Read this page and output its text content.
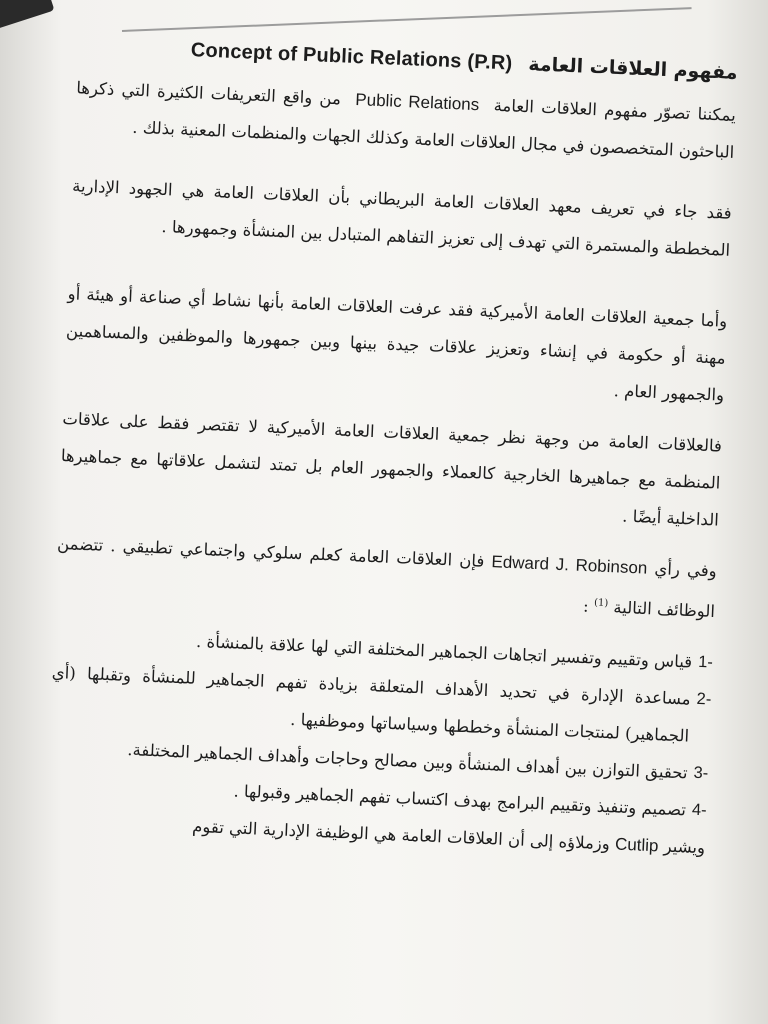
Concept of Public Relations (P.R) مفهوم العلاقات العامة

يمكننا تصوّر مفهوم العلاقات العامة  Public Relations  من واقع التعريفات الكثيرة التي ذكرها الباحثون المتخصصون في مجال العلاقات العامة وكذلك الجهات والمنظمات المعنية بذلك .

فقد جاء في تعريف معهد العلاقات العامة البريطاني بأن العلاقات العامة هي الجهود الإدارية المخططة والمستمرة التي تهدف إلى تعزيز التفاهم المتبادل بين المنشأة وجمهورها .

وأما جمعية العلاقات العامة الأميركية فقد عرفت العلاقات العامة بأنها نشاط أي صناعة أو هيئة أو مهنة أو حكومة في إنشاء وتعزيز علاقات جيدة بينها وبين جمهورها والموظفين والمساهمين والجمهور العام .

فالعلاقات العامة من وجهة نظر جمعية العلاقات العامة الأميركية لا تقتصر فقط على علاقات المنظمة مع جماهيرها الخارجية كالعملاء والجمهور العام بل تمتد لتشمل علاقاتها مع جماهيرها الداخلية أيضًا .

وفي رأي Edward J. Robinson فإن العلاقات العامة كعلم سلوكي واجتماعي تطبيقي . تتضمن الوظائف التالية $^{(1)}$ :

1-
قياس وتقييم وتفسير اتجاهات الجماهير المختلفة التي لها علاقة بالمنشأة .
2-
مساعدة الإدارة في تحديد الأهداف المتعلقة بزيادة تفهم الجماهير للمنشأة وتقبلها (أي الجماهير) لمنتجات المنشأة وخططها وسياساتها وموظفيها .
3-
تحقيق التوازن بين أهداف المنشأة وبين مصالح وحاجات وأهداف الجماهير المختلفة.
4-
تصميم وتنفيذ وتقييم البرامج بهدف اكتساب تفهم الجماهير وقبولها .

ويشير Cutlip وزملاؤه إلى أن العلاقات العامة هي الوظيفة الإدارية التي تقوم
